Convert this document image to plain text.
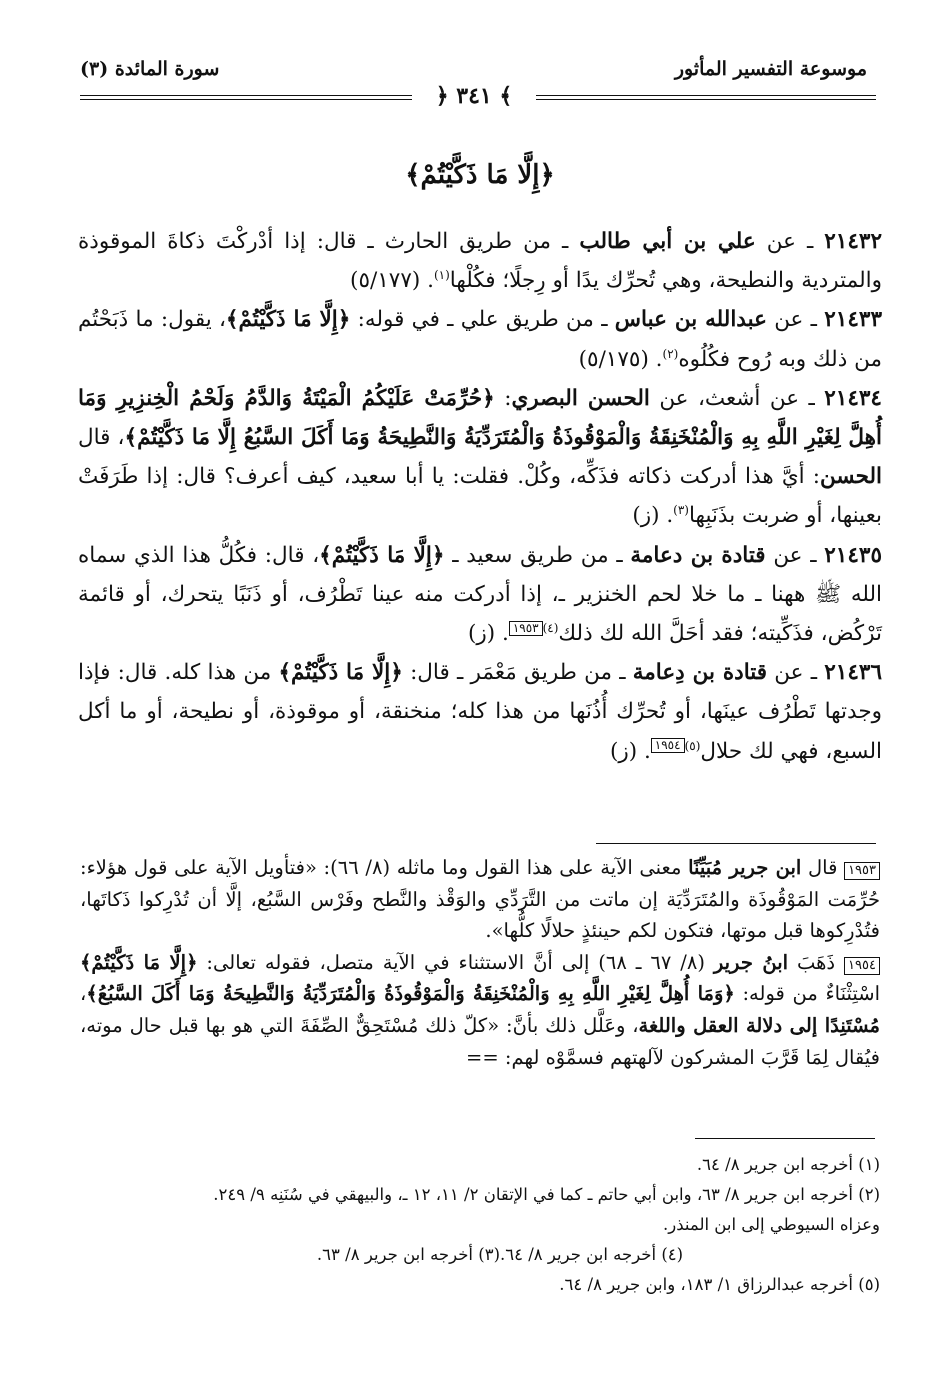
موسوعة التفسير المأثور
سورة المائدة (٣)
﴿ ٣٤١ ﴾
﴿إِلَّا مَا ذَكَّيْتُمْ﴾

٢١٤٣٢ ـ عن علي بن أبي طالب ـ من طريق الحارث ـ قال: إذا أدْركْتَ ذكاةَ الموقوذة والمتردية والنطيحة، وهي تُحرِّك يدًا أو رِجلًا؛ فكُلْها$^{(١)}$. (٥/١٧٧)

٢١٤٣٣ ـ عن عبدالله بن عباس ـ من طريق علي ـ في قوله: ﴿إِلَّا مَا ذَكَّيْتُمْ﴾، يقول: ما ذَبَحْتُم من ذلك وبه رُوح فكُلُوه$^{(٢)}$. (٥/١٧٥)

٢١٤٣٤ ـ عن أشعث، عن الحسن البصري: ﴿حُرِّمَتْ عَلَيْكُمُ الْمَيْتَةُ وَالدَّمُ وَلَحْمُ الْخِنزِيرِ وَمَا أُهِلَّ لِغَيْرِ اللَّهِ بِهِ وَالْمُنْخَنِقَةُ وَالْمَوْقُوذَةُ وَالْمُتَرَدِّيَةُ وَالنَّطِيحَةُ وَمَا أَكَلَ السَّبُعُ إِلَّا مَا ذَكَّيْتُمْ﴾، قال الحسن: أيَّ هذا أدركت ذكاته فذَكِّه، وكُلْ. فقلت: يا أبا سعيد، كيف أعرف؟ قال: إذا طَرَفَتْ بعينها، أو ضربت بذَنَبِها$^{(٣)}$. (ز)

٢١٤٣٥ ـ عن قتادة بن دعامة ـ من طريق سعيد ـ ﴿إِلَّا مَا ذَكَّيْتُمْ﴾، قال: فكُلُّ هذا الذي سماه الله ﷺ ههنا ـ ما خلا لحم الخنزير ـ، إذا أدركت منه عينا تَطْرُف، أو ذَنَبًا يتحرك، أو قائمة تَرْكُض، فذَكِّيته؛ فقد أحَلَّ الله لك ذلك$^{(٤)}$١٩٥٣. (ز)

٢١٤٣٦ ـ عن قتادة بن دِعامة ـ من طريق مَعْمَر ـ قال: ﴿إِلَّا مَا ذَكَّيْتُمْ﴾ من هذا كله. قال: فإذا وجدتها تَطْرُف عينَها، أو تُحرِّك أُذُنَها من هذا كله؛ منخنقة، أو موقوذة، أو نطيحة، أو ما أكل السبع، فهي لك حلال$^{(٥)}$١٩٥٤. (ز)

١٩٥٣ قال ابن جرير مُبَيِّنًا معنى الآية على هذا القول وما ماثله (٨/ ٦٦): «فتأويل الآية على قول هؤلاء: حُرِّمَت المَوْقُوذَة والمُتَرَدِّيَة إن ماتت من التَّرَدِّي والوَقْذ والنَّطح وفَرْس السَّبُع، إلَّا أن تُدْرِكوا ذَكاتَها، فتُدْرِكوها قبل موتها، فتكون لكم حينئذٍ حلالًا كلُّها».

١٩٥٤ ذَهَبَ ابنُ جرير (٨/ ٦٧ ـ ٦٨) إلى أنَّ الاستثناء في الآية متصل، فقوله تعالى: ﴿إِلَّا مَا ذَكَّيْتُمْ﴾ اسْتِثْنَاءٌ من قوله: ﴿وَمَا أُهِلَّ لِغَيْرِ اللَّهِ بِهِ وَالْمُنْخَنِقَةُ وَالْمَوْقُوذَةُ وَالْمُتَرَدِّيَةُ وَالنَّطِيحَةُ وَمَا أَكَلَ السَّبُعُ﴾، مُسْتَنِدًا إلى دلالة العقل واللغة، وعَلَّل ذلك بأنَّ: «كلّ ذلك مُسْتَحِقٌّ الصِّفَةَ التي هو بها قبل حال موته، فيُقال لِمَا قَرَّبَ المشركون لآلهتهم فسمَّوْه لهم: ==

(١) أخرجه ابن جرير ٨/ ٦٤.

(٢) أخرجه ابن جرير ٨/ ٦٣، وابن أبي حاتم ـ كما في الإتقان ٢/ ١١، ١٢ ـ، والبيهقي في سُنَنِه ٩/ ٢٤٩.

وعزاه السيوطي إلى ابن المنذر.

(٣) أخرجه ابن جرير ٨/ ٦٣. (٤) أخرجه ابن جرير ٨/ ٦٤.

(٥) أخرجه عبدالرزاق ١/ ١٨٣، وابن جرير ٨/ ٦٤.
